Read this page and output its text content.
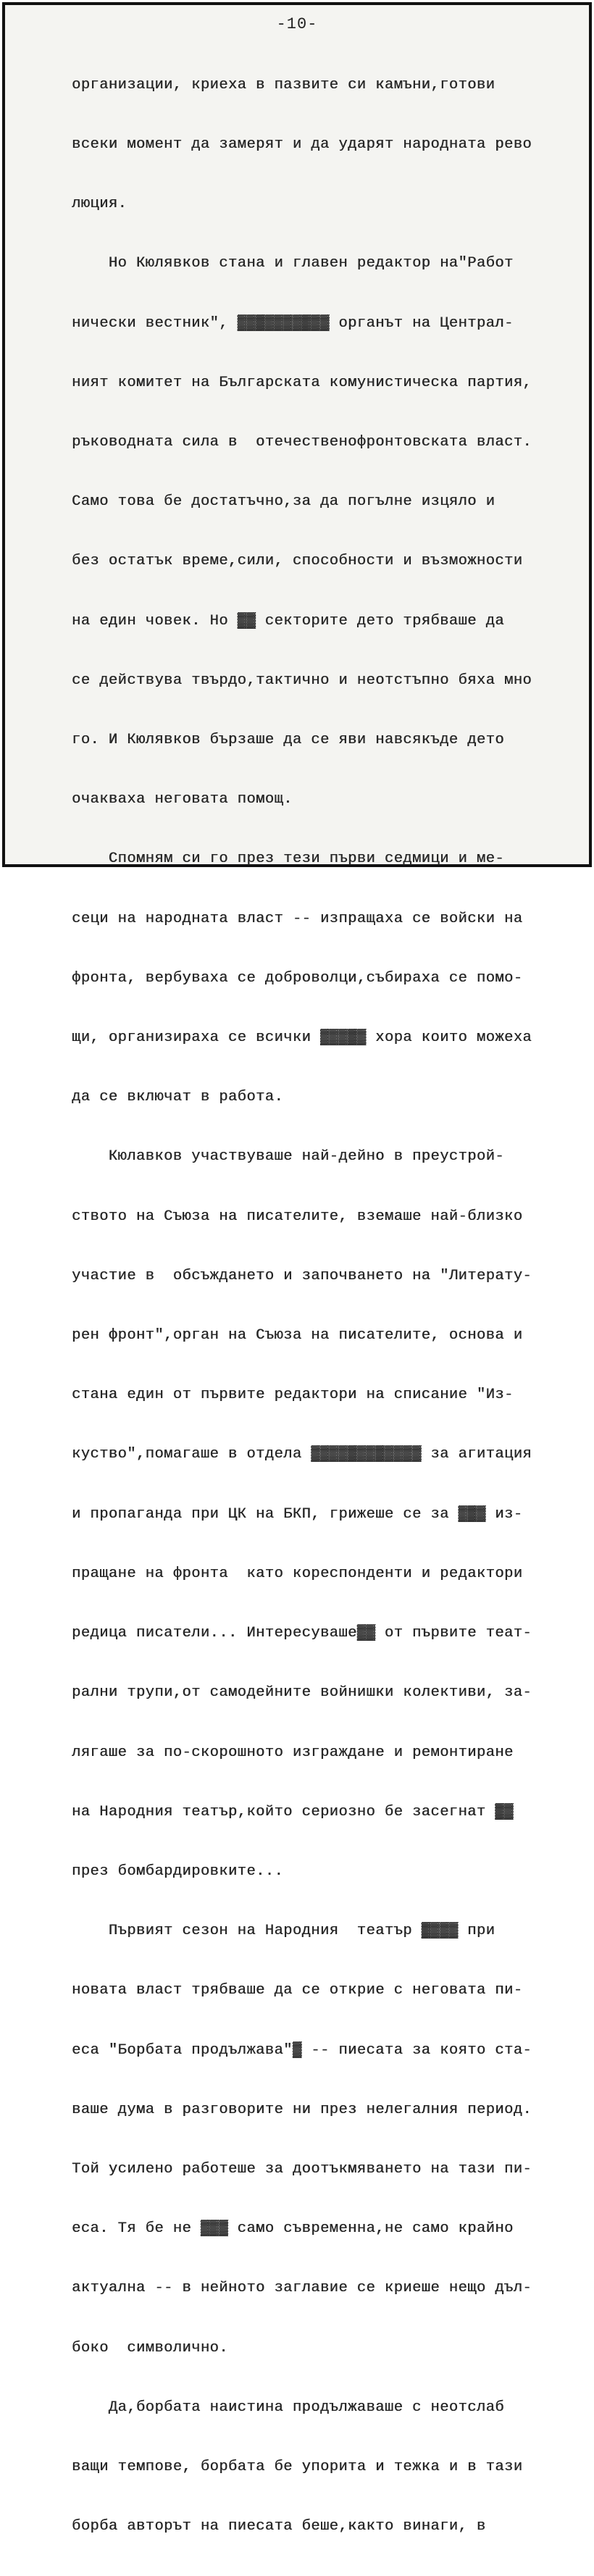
-10-

организации, криеха в пазвите си камъни,готови

всеки момент да замерят и да ударят народната рево

люция.

Но Кюлявков стана и главен редактор на"Работ

нически вестник", ▓▓▓▓▓▓▓▓▓▓ органът на Централ-

ният комитет на Българската комунистическа партия,

ръководната сила в  отечественофронтовската власт.

Само това бе достатъчно,за да погълне изцяло и

без остатък време,сили, способности и възможности

на един човек. Но ▓▓ секторите дето трябваше да

се действува твърдо,тактично и неотстъпно бяха мно

го. И Кюлявков бързаше да се яви навсякъде дето

очакваха неговата помощ.

Спомням си го през тези първи седмици и ме-

сеци на народната власт -- изпращаха се войски на

фронта, вербуваха се доброволци,събираха се помо-

щи, организираха се всички ▓▓▓▓▓ хора които можеха

да се включат в работа.

Кюлавков участвуваше най-дейно в преустрой-

ството на Съюза на писателите, вземаше най-близко

участие в  обсъждането и започването на "Литерату-

рен фронт",орган на Съюза на писателите, основа и

стана един от първите редактори на списание "Из-

куство",помагаше в отдела ▓▓▓▓▓▓▓▓▓▓▓▓ за агитация

и пропаганда при ЦК на БКП, грижеше се за ▓▓▓ из-

пращане на фронта  като кореспонденти и редактори

редица писатели... Интересуваше▓▓ от първите теат-

рални трупи,от самодейните войнишки колективи, за-

лягаше за по-скорошното изграждане и ремонтиране

на Народния театър,който сериозно бе засегнат ▓▓

през бомбардировките...

Първият сезон на Народния  театър ▓▓▓▓ при

новата власт трябваше да се открие с неговата пи-

еса "Борбата продължава"▓ -- пиесата за която ста-

ваше дума в разговорите ни през нелегалния период.

Той усилено работеше за доотъкмяването на тази пи-

еса. Тя бе не ▓▓▓ само съвременна,не само крайно

актуална -- в нейното заглавие се криеше нещо дъл-

боко  символично.

Да,борбата наистина продължаваше с неотслаб

ващи темпове, борбата бе упорита и тежка и в тази

борба авторът на пиесата беше,както винаги, в
